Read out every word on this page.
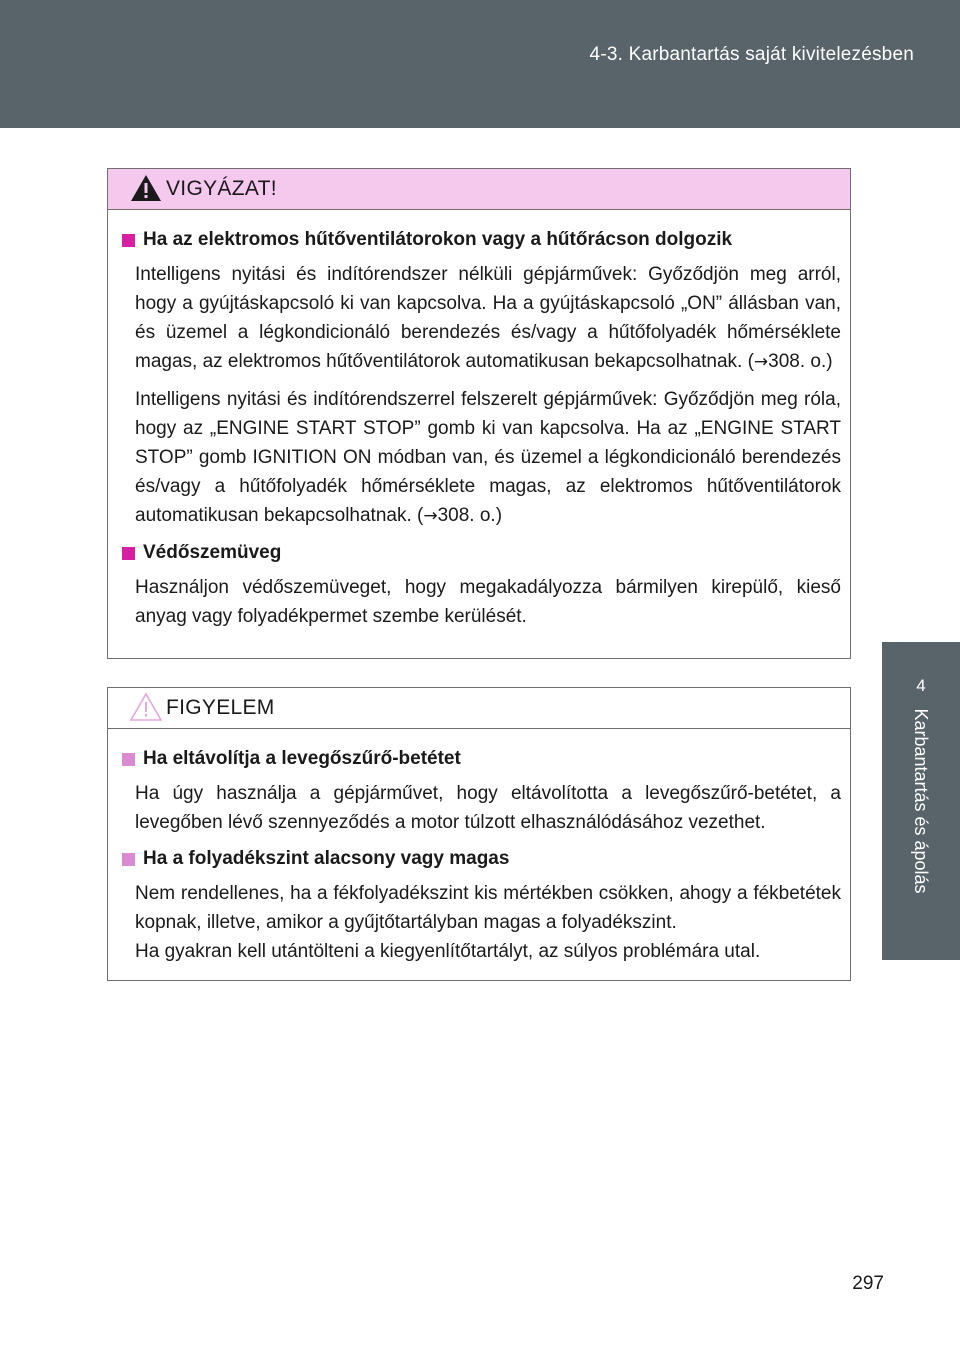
4-3. Karbantartás saját kivitelezésben
4
Karbantartás és ápolás
VIGYÁZAT!
Ha az elektromos hűtőventilátorokon vagy a hűtőrácson dolgozik

Intelligens nyitási és indítórendszer nélküli gépjárművek: Győződjön meg arról, hogy a gyújtáskapcsoló ki van kapcsolva. Ha a gyújtáskapcsoló „ON” állásban van, és üzemel a légkondicionáló berendezés és/vagy a hűtőfolyadék hőmérséklete magas, az elektromos hűtőventilátorok automatikusan bekapcsolhatnak. (→308. o.)

Intelligens nyitási és indítórendszerrel felszerelt gépjárművek: Győződjön meg róla, hogy az „ENGINE START STOP” gomb ki van kapcsolva. Ha az „ENGINE START STOP” gomb IGNITION ON módban van, és üzemel a légkondicionáló berendezés és/vagy a hűtőfolyadék hőmérséklete magas, az elektromos hűtőventilátorok automatikusan bekapcsolhatnak. (→308. o.)

Védőszemüveg

Használjon védőszemüveget, hogy megakadályozza bármilyen kirepülő, kieső anyag vagy folyadékpermet szembe kerülését.

FIGYELEM
Ha eltávolítja a levegőszűrő-betétet

Ha úgy használja a gépjárművet, hogy eltávolította a levegőszűrő-betétet, a levegőben lévő szennyeződés a motor túlzott elhasználódásához vezethet.

Ha a folyadékszint alacsony vagy magas

Nem rendellenes, ha a fékfolyadékszint kis mértékben csökken, ahogy a fékbetétek kopnak, illetve, amikor a gyűjtőtartályban magas a folyadékszint.

Ha gyakran kell utántölteni a kiegyenlítőtartályt, az súlyos problémára utal.

297
